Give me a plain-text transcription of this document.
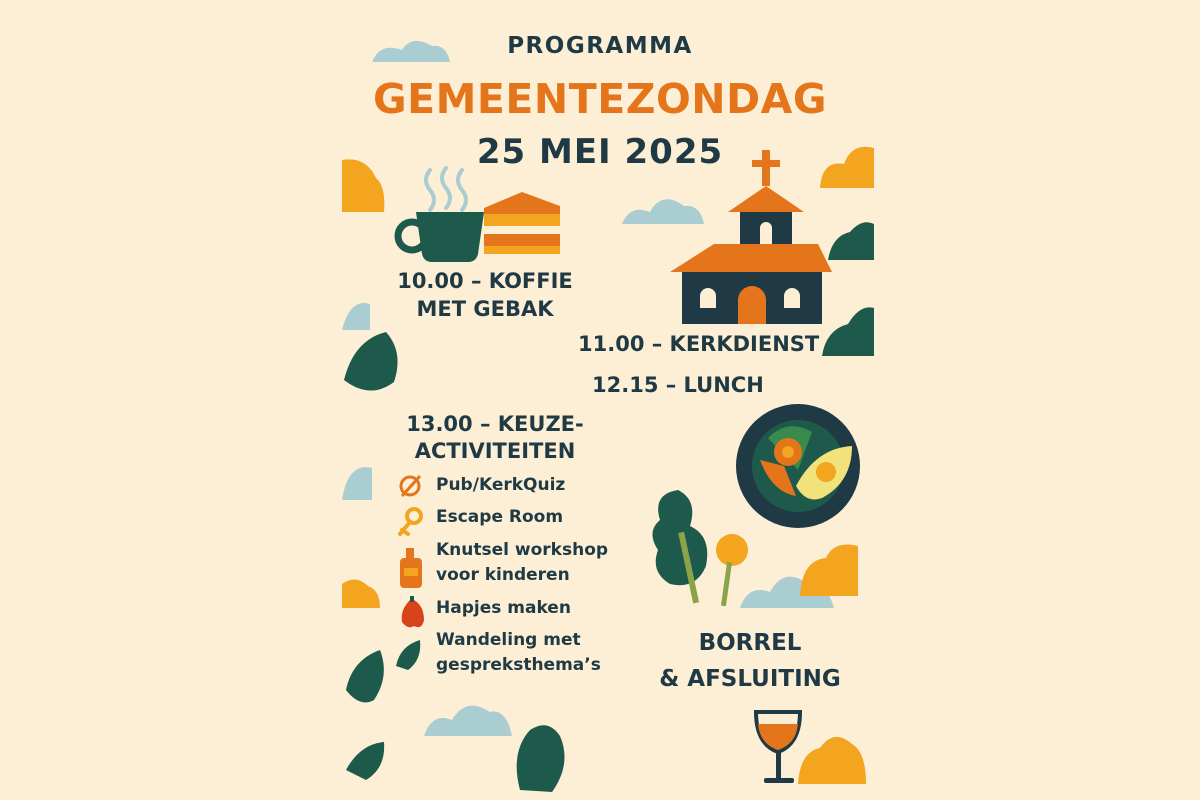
PROGRAMMA

GEMEENTEZONDAG

25 MEI 2025

10.00 – KOFFIE

MET GEBAK

11.00 – KERKDIENST

12.15 – LUNCH

13.00 – KEUZE-

ACTIVITEITEN

Pub/KerkQuiz

Escape Room

Knutsel workshop

voor kinderen

Hapjes maken

Wandeling met

gespreksthema’s

BORREL

& AFSLUITING
